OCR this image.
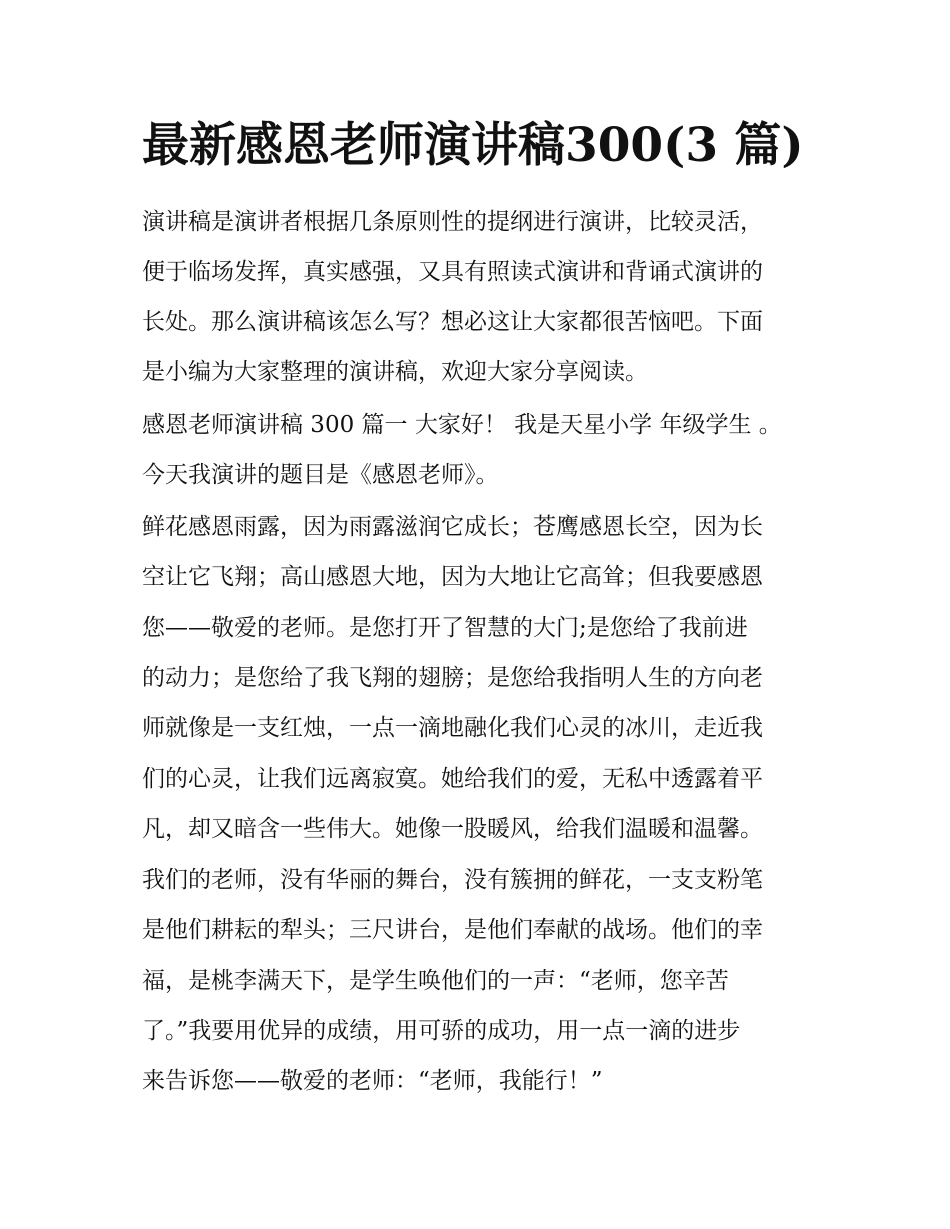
最新感恩老师演讲稿300(3 篇)
演讲稿是演讲者根据几条原则性的提纲进行演讲，比较灵活，
便于临场发挥，真实感强，又具有照读式演讲和背诵式演讲的
长处。那么演讲稿该怎么写？想必这让大家都很苦恼吧。下面
是小编为大家整理的演讲稿，欢迎大家分享阅读。
感恩老师演讲稿 300 篇一 大家好！ 我是天星小学 年级学生 。
今天我演讲的题目是《感恩老师》。
鲜花感恩雨露，因为雨露滋润它成长；苍鹰感恩长空，因为长
空让它飞翔；高山感恩大地，因为大地让它高耸；但我要感恩
您——敬爱的老师。是您打开了智慧的大门;是您给了我前进
的动力；是您给了我飞翔的翅膀；是您给我指明人生的方向老
师就像是一支红烛，一点一滴地融化我们心灵的冰川，走近我
们的心灵，让我们远离寂寞。她给我们的爱，无私中透露着平
凡，却又暗含一些伟大。她像一股暖风，给我们温暖和温馨。
我们的老师，没有华丽的舞台，没有簇拥的鲜花，一支支粉笔
是他们耕耘的犁头；三尺讲台，是他们奉献的战场。他们的幸
福，是桃李满天下，是学生唤他们的一声：“老师，您辛苦
了。”我要用优异的成绩，用可骄的成功，用一点一滴的进步
来告诉您——敬爱的老师：“老师，我能行！”
